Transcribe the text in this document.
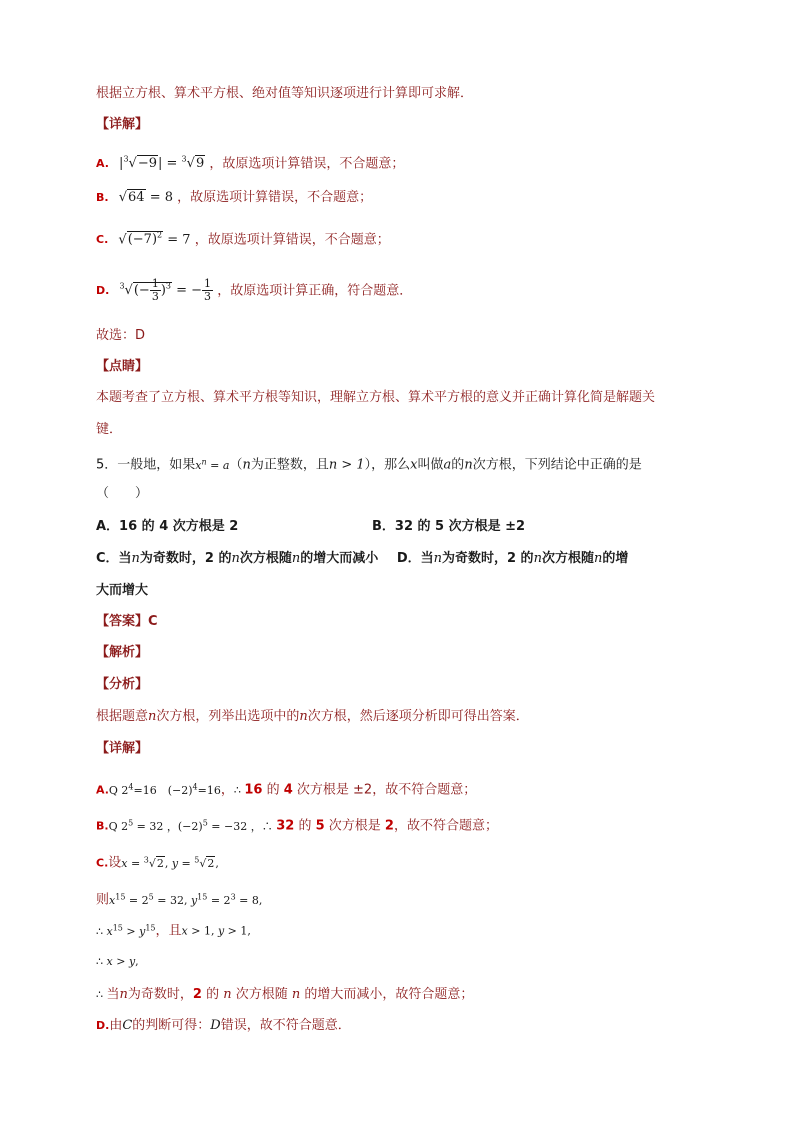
根据立方根、算术平方根、绝对值等知识逐项进行计算即可求解．
【详解】
A. $|^3√-9| = ^3√9$ ，故原选项计算错误，不合题意；
B. √64 = 8 ，故原选项计算错误，不合题意；
C. $√(-7)^2 = 7$ ，故原选项计算错误，不合题意；
D. $^3√(- \frac{1}{3} )^3$ = − $\frac{1}{3}$ ，故原选项计算正确，符合题意．
故选：D
【点睛】
本题考查了立方根、算术平方根等知识，理解立方根、算术平方根的意义并正确计算化简是解题关
键．
5．一般地，如果$x^n = a(n$为正整数，且n > 1），那么x叫做a的n次方根，下列结论中正确的是
（　　）
A．16 的 4 次方根是 2	B．32 的 5 次方根是 ±2
C．当n为奇数时，2 的n次方根随n的增大而减小 D．当n为奇数时，2 的n次方根随n的增
大而增大
【答案】C
【解析】
【分析】
根据题意n次方根，列举出选项中的n次方根，然后逐项分析即可得出答案．
【详解】
A.Q $2^4=16$　$(-2)^4=16$，∴ 16 的 4 次方根是 ±2，故不符合题意；
B.Q $2^5 = 32$ ，$(-2)^5 = -32$ ，∴ 32 的 5 次方根是 2，故不符合题意；
C.设x = $^3$√2, y = $^5$√2,
则$x^{15} = 2^5 = 32$, $y^{15} = 2^3 = 8$,
∴ $x^{15} > y^{15}$，且x > 1, y > 1,
∴ x > y,
∴ 当n为奇数时，2 的 n 次方根随 n 的增大而减小，故符合题意；
D.由C的判断可得：D错误，故不符合题意．
